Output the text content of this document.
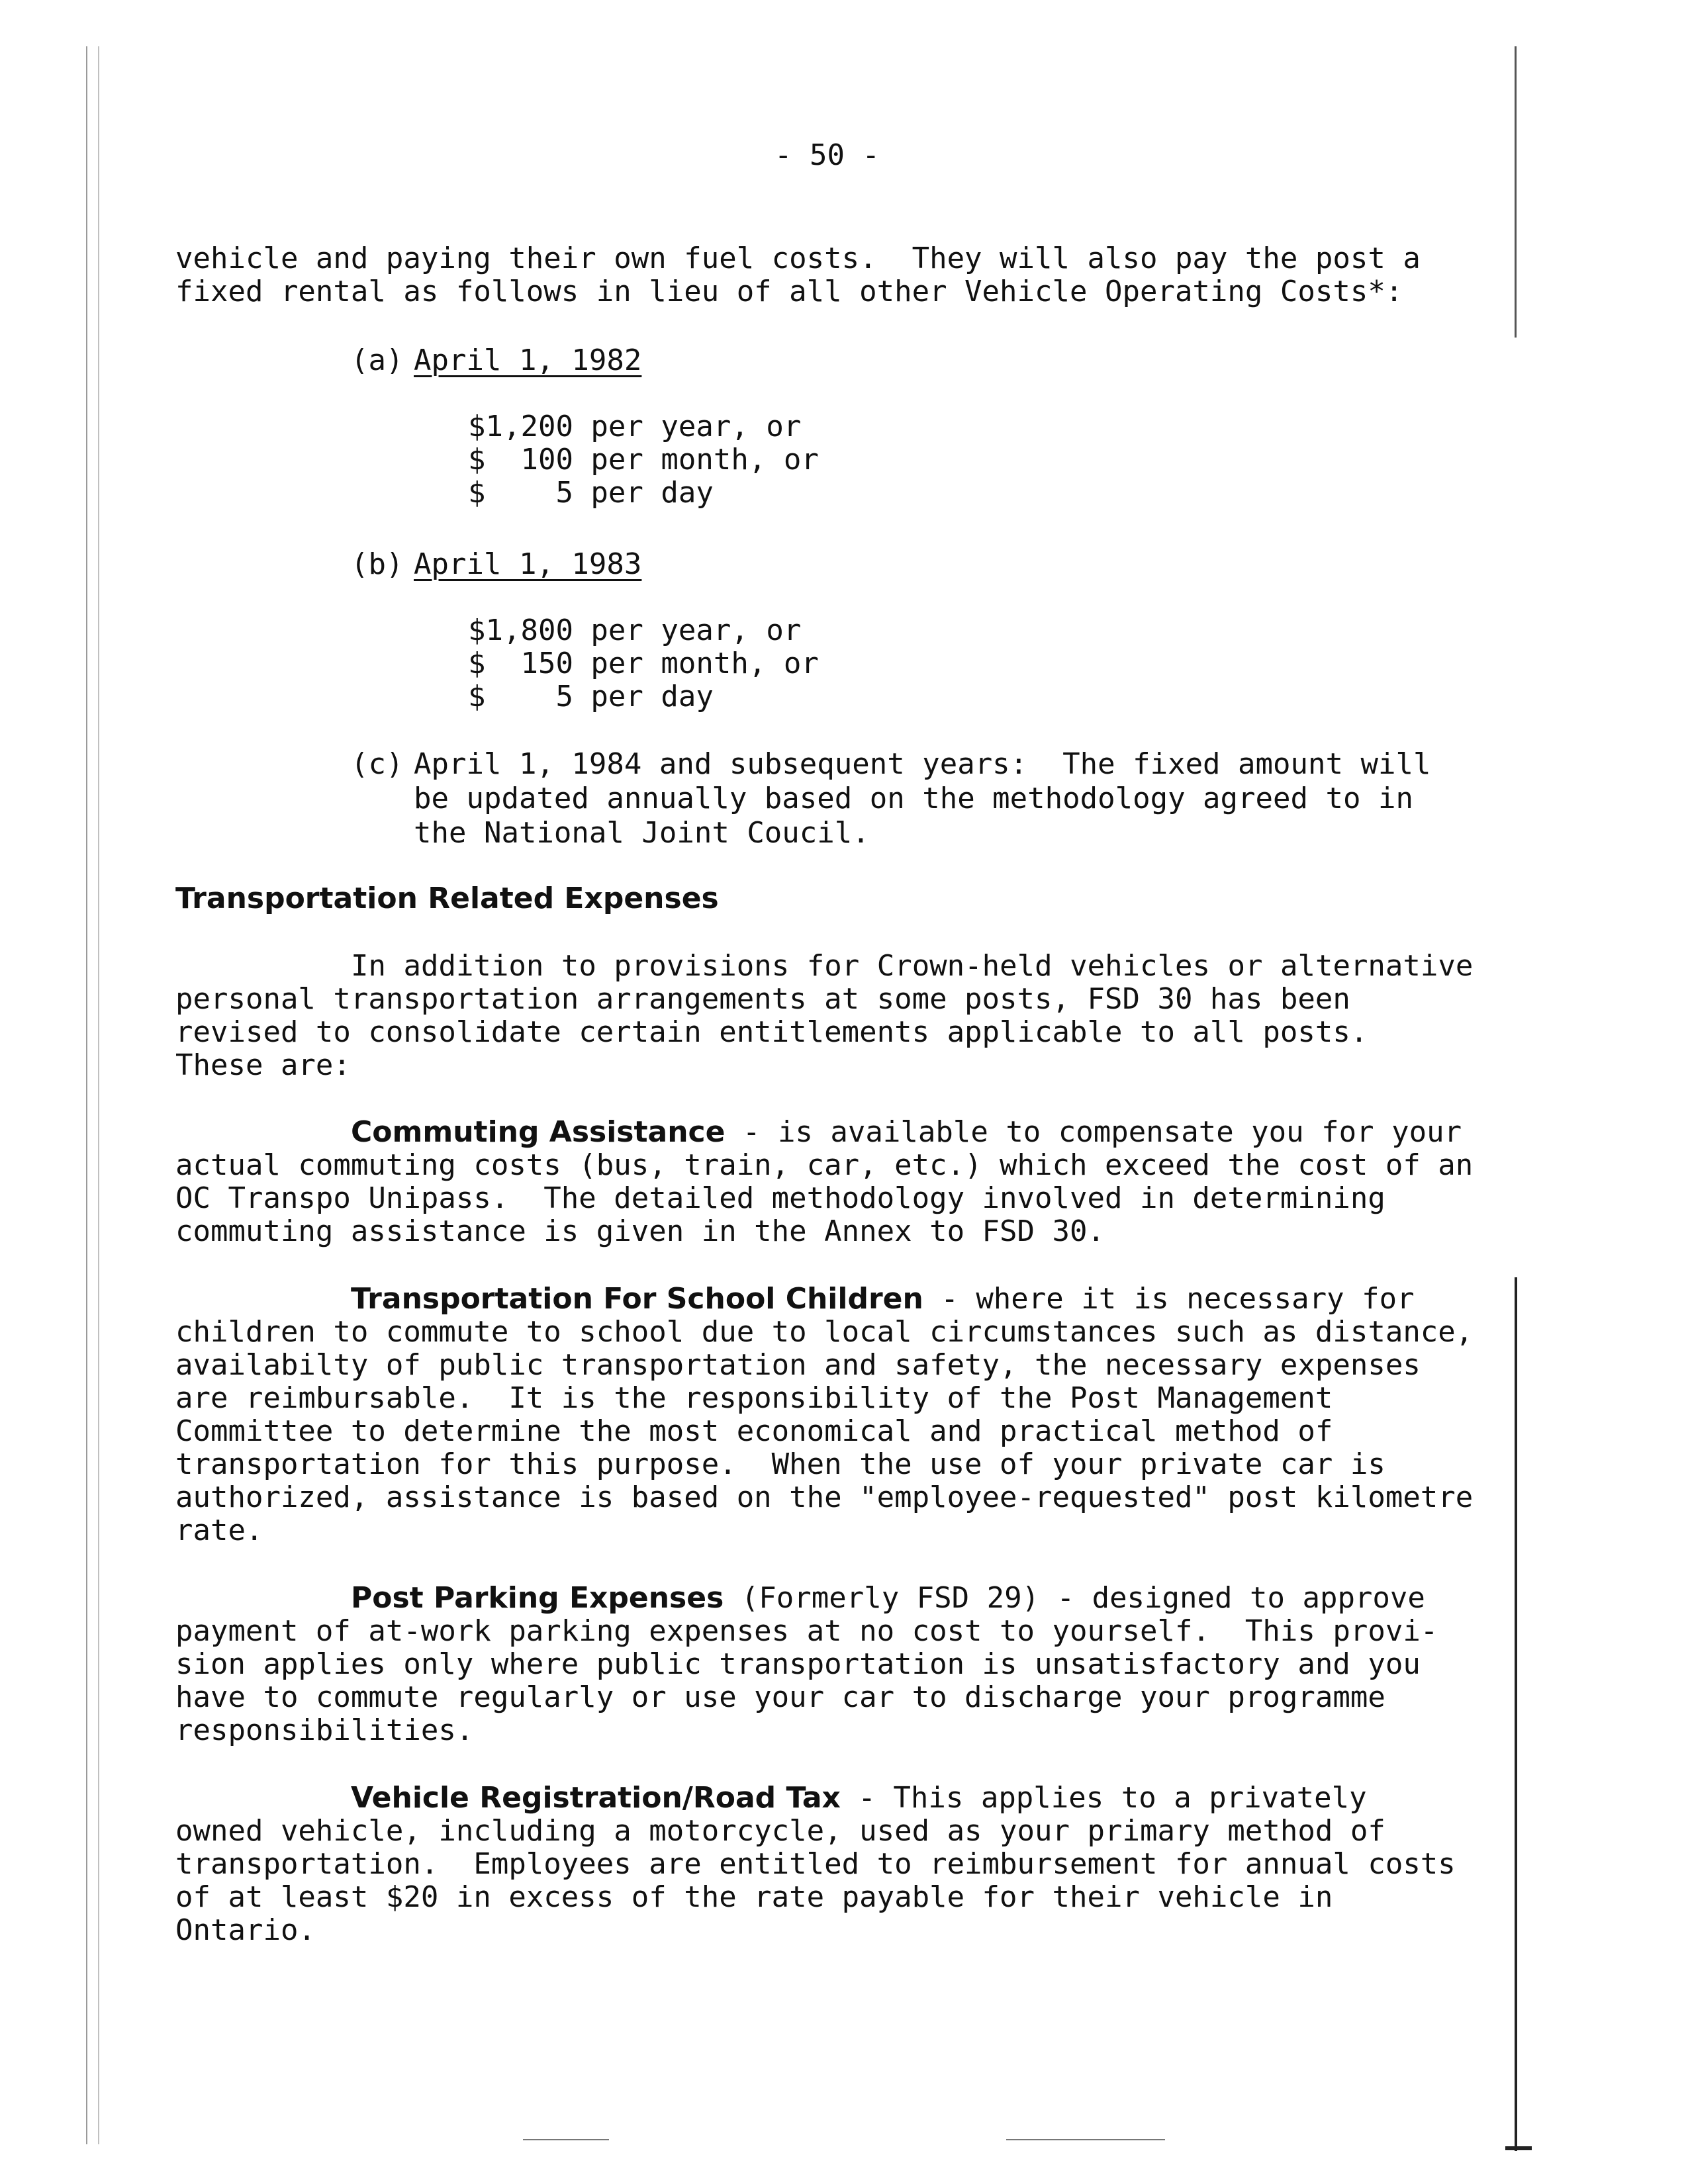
- 50 -
vehicle and paying their own fuel costs.  They will also pay the post a
fixed rental as follows in lieu of all other Vehicle Operating Costs*:
(a) April 1, 1982
$1,200 per year, or
$  100 per month, or
$    5 per day
(b) April 1, 1983
$1,800 per year, or
$  150 per month, or
$    5 per day
(c) April 1, 1984 and subsequent years:  The fixed amount will
be updated annually based on the methodology agreed to in
the National Joint Coucil.
Transportation Related Expenses
In addition to provisions for Crown-held vehicles or alternative
personal transportation arrangements at some posts, FSD 30 has been
revised to consolidate certain entitlements applicable to all posts.
These are:
Commuting Assistance - is available to compensate you for your
actual commuting costs (bus, train, car, etc.) which exceed the cost of an
OC Transpo Unipass.  The detailed methodology involved in determining
commuting assistance is given in the Annex to FSD 30.
Transportation For School Children - where it is necessary for
children to commute to school due to local circumstances such as distance,
availabilty of public transportation and safety, the necessary expenses
are reimbursable.  It is the responsibility of the Post Management
Committee to determine the most economical and practical method of
transportation for this purpose.  When the use of your private car is
authorized, assistance is based on the "employee-requested" post kilometre
rate.
Post Parking Expenses (Formerly FSD 29) - designed to approve
payment of at-work parking expenses at no cost to yourself.  This provi-
sion applies only where public transportation is unsatisfactory and you
have to commute regularly or use your car to discharge your programme
responsibilities.
Vehicle Registration/Road Tax - This applies to a privately
owned vehicle, including a motorcycle, used as your primary method of
transportation.  Employees are entitled to reimbursement for annual costs
of at least $20 in excess of the rate payable for their vehicle in
Ontario.
